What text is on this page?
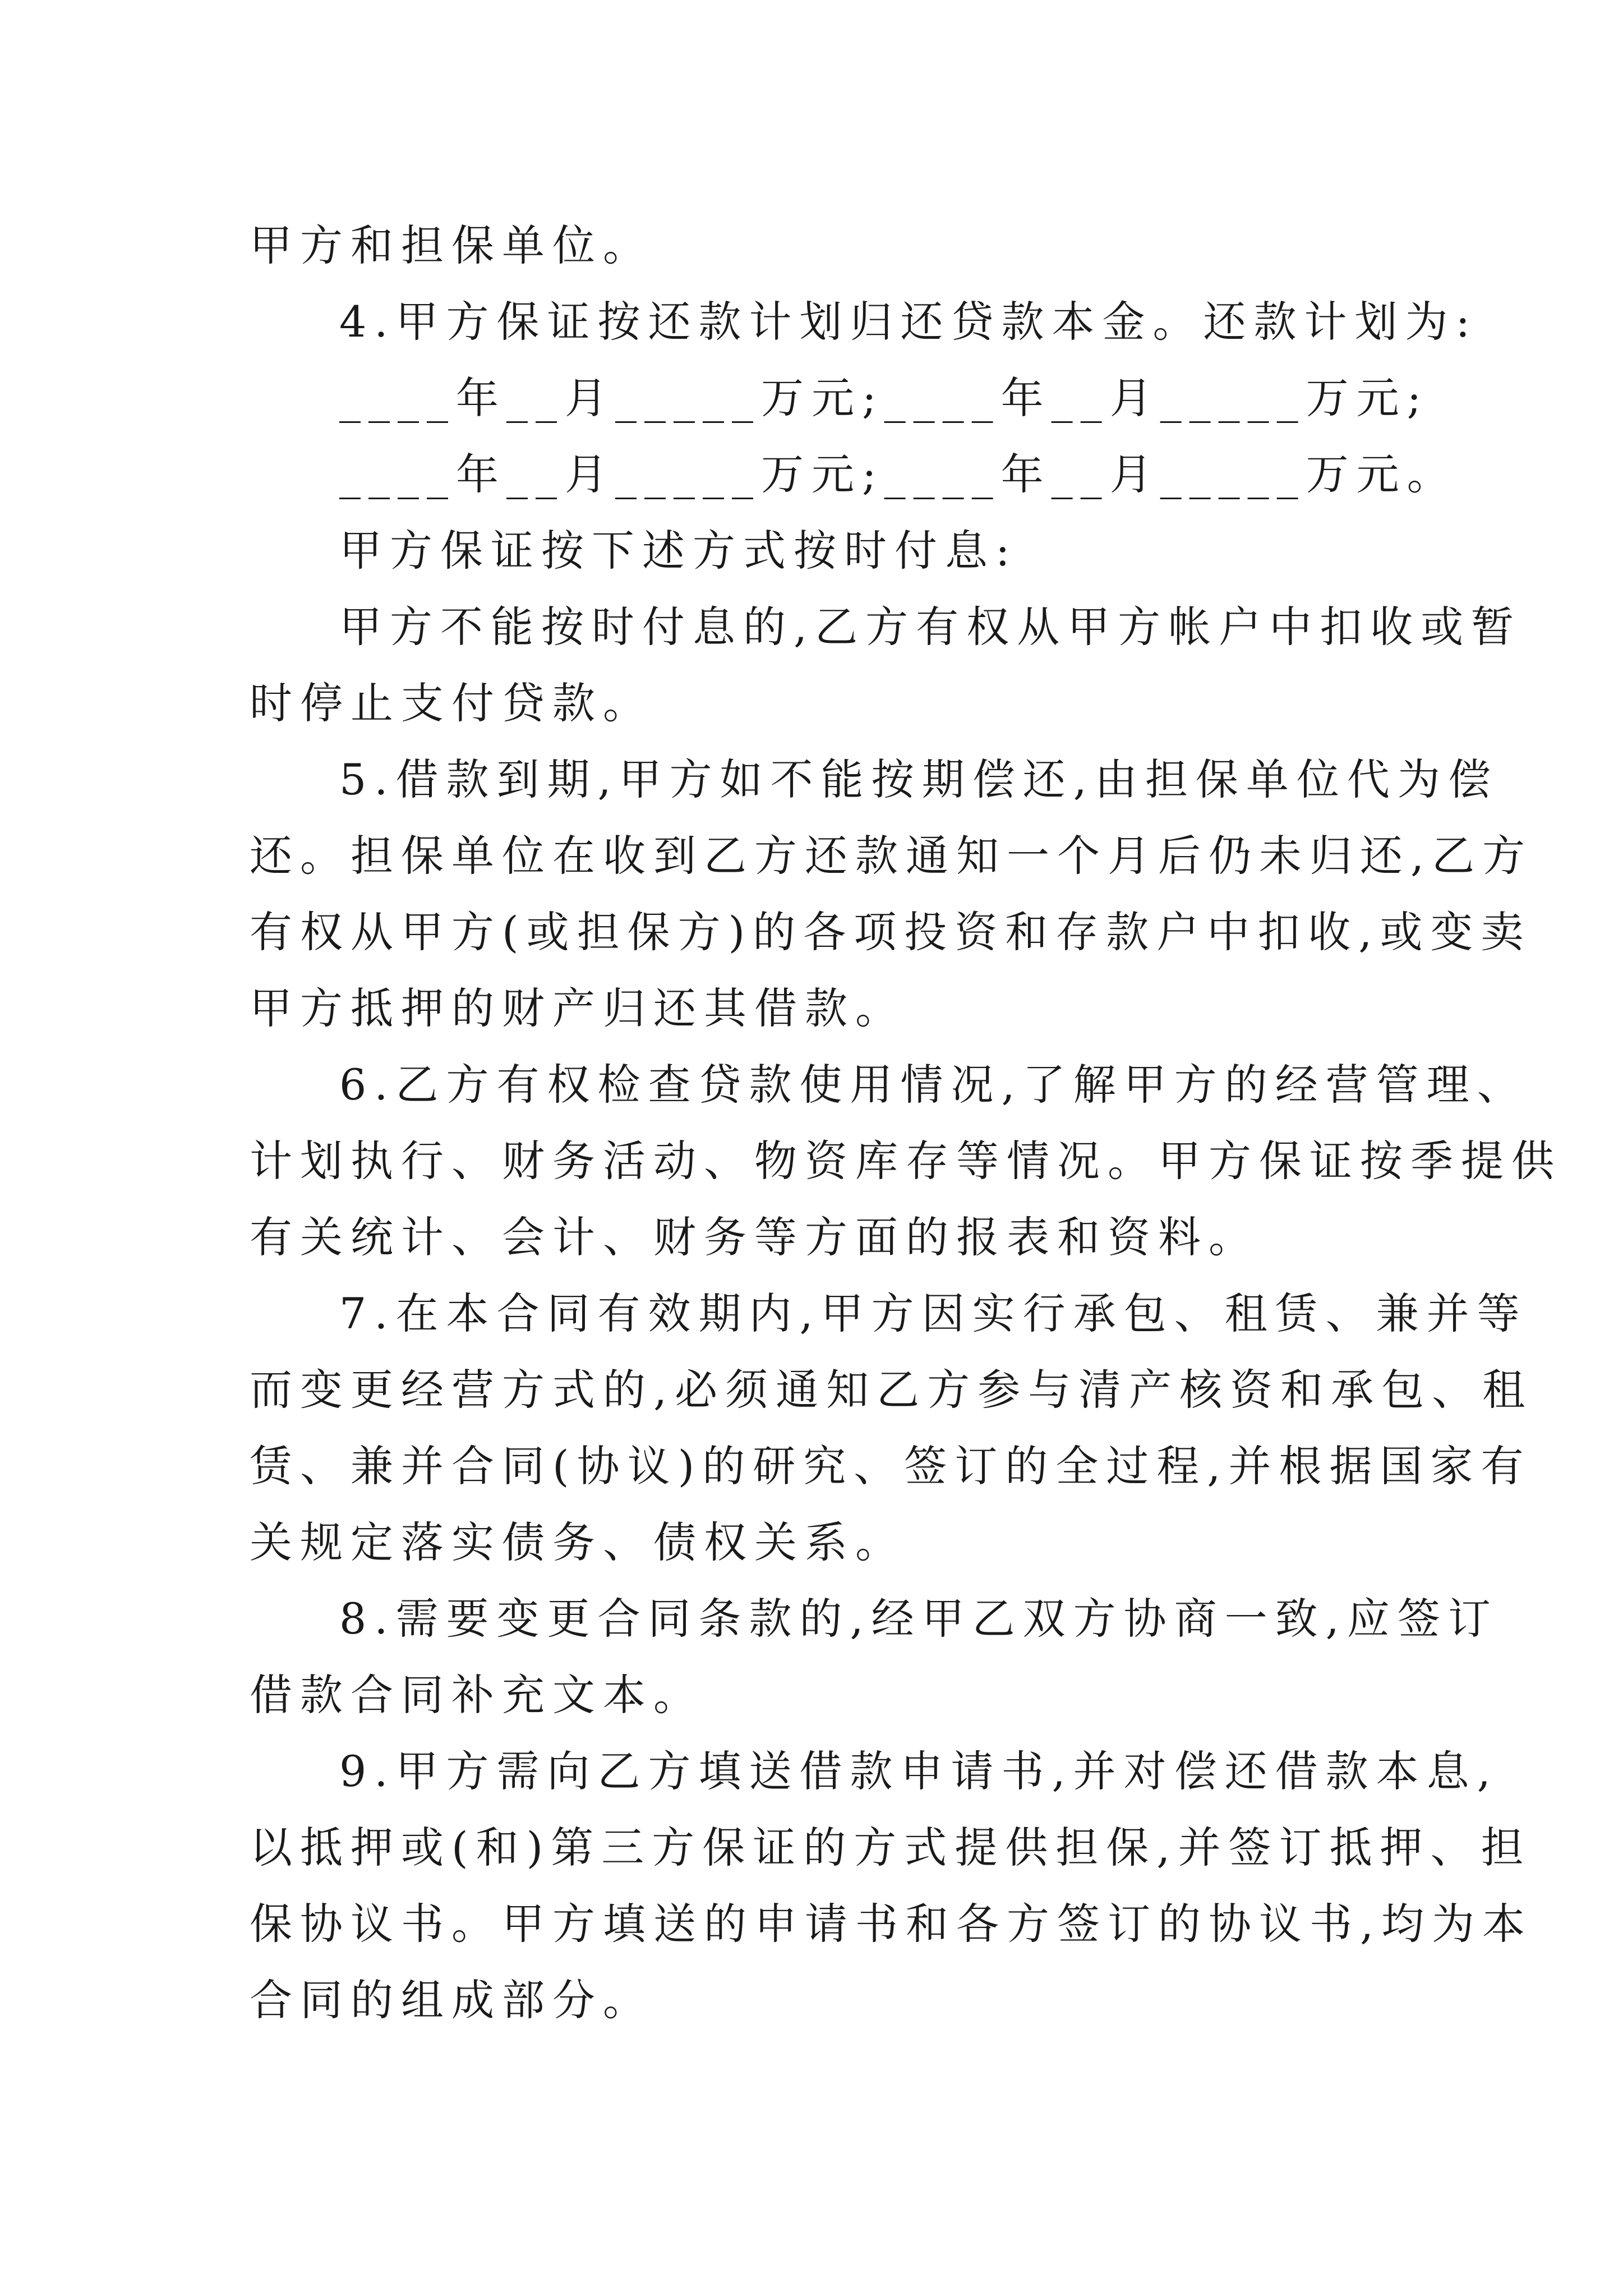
甲方和担保单位。
4.甲方保证按还款计划归还贷款本金。还款计划为:
____年__月_____万元;____年__月_____万元;
____年__月_____万元;____年__月_____万元。
甲方保证按下述方式按时付息:
甲方不能按时付息的,乙方有权从甲方帐户中扣收或暂
时停止支付贷款。
5.借款到期,甲方如不能按期偿还,由担保单位代为偿
还。担保单位在收到乙方还款通知一个月后仍未归还,乙方
有权从甲方(或担保方)的各项投资和存款户中扣收,或变卖
甲方抵押的财产归还其借款。
6.乙方有权检查贷款使用情况,了解甲方的经营管理、
计划执行、财务活动、物资库存等情况。甲方保证按季提供
有关统计、会计、财务等方面的报表和资料。
7.在本合同有效期内,甲方因实行承包、租赁、兼并等
而变更经营方式的,必须通知乙方参与清产核资和承包、租
赁、兼并合同(协议)的研究、签订的全过程,并根据国家有
关规定落实债务、债权关系。
8.需要变更合同条款的,经甲乙双方协商一致,应签订
借款合同补充文本。
9.甲方需向乙方填送借款申请书,并对偿还借款本息,
以抵押或(和)第三方保证的方式提供担保,并签订抵押、担
保协议书。甲方填送的申请书和各方签订的协议书,均为本
合同的组成部分。
